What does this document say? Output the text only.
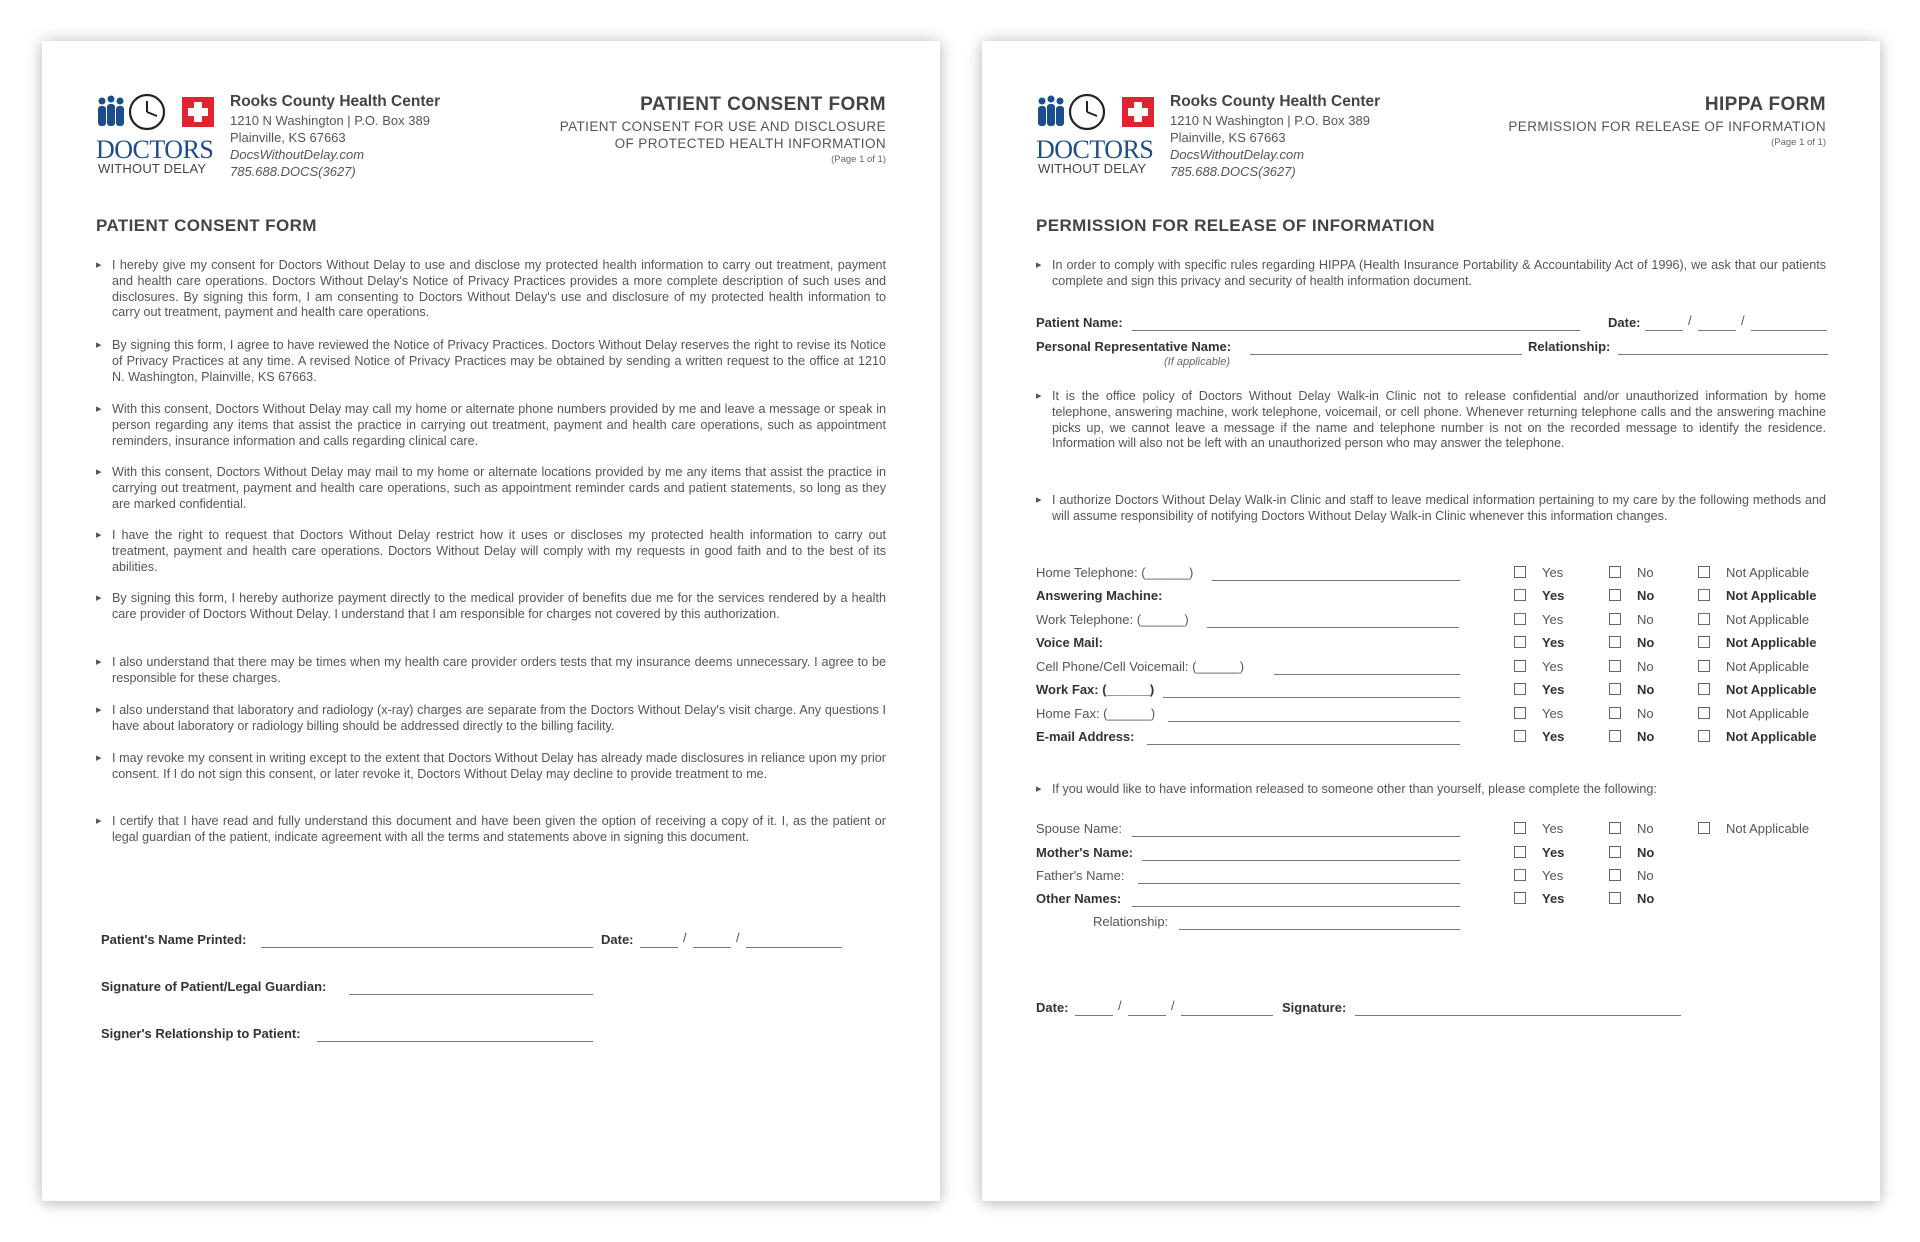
DOCTORS
WITHOUT DELAY
Rooks County Health Center
1210 N Washington | P.O. Box 389
Plainville, KS 67663
DocsWithoutDelay.com
785.688.DOCS(3627)
PATIENT CONSENT FORM
PATIENT CONSENT FOR USE AND DISCLOSURE
OF PROTECTED HEALTH INFORMATION
(Page 1 of 1)
PATIENT CONSENT FORM
▸ I hereby give my consent for Doctors Without Delay to use and disclose my protected health information to carry out treatment, payment and health care operations. Doctors Without Delay's Notice of Privacy Practices provides a more complete description of such uses and disclosures. By signing this form, I am consenting to Doctors Without Delay's use and disclosure of my protected health information to carry out treatment, payment and health care operations.
▸ By signing this form, I agree to have reviewed the Notice of Privacy Practices. Doctors Without Delay reserves the right to revise its Notice of Privacy Practices at any time. A revised Notice of Privacy Practices may be obtained by sending a written request to the office at 1210 N. Washington, Plainville, KS 67663.
▸ With this consent, Doctors Without Delay may call my home or alternate phone numbers provided by me and leave a message or speak in person regarding any items that assist the practice in carrying out treatment, payment and health care operations, such as appointment reminders, insurance information and calls regarding clinical care.
▸ With this consent, Doctors Without Delay may mail to my home or alternate locations provided by me any items that assist the practice in carrying out treatment, payment and health care operations, such as appointment reminder cards and patient statements, so long as they are marked confidential.
▸ I have the right to request that Doctors Without Delay restrict how it uses or discloses my protected health information to carry out treatment, payment and health care operations. Doctors Without Delay will comply with my requests in good faith and to the best of its abilities.
▸ By signing this form, I hereby authorize payment directly to the medical provider of benefits due me for the services rendered by a health care provider of Doctors Without Delay. I understand that I am responsible for charges not covered by this authorization.
▸ I also understand that there may be times when my health care provider orders tests that my insurance deems unnecessary. I agree to be responsible for these charges.
▸ I also understand that laboratory and radiology (x-ray) charges are separate from the Doctors Without Delay's visit charge. Any questions I have about laboratory or radiology billing should be addressed directly to the billing facility.
▸ I may revoke my consent in writing except to the extent that Doctors Without Delay has already made disclosures in reliance upon my prior consent. If I do not sign this consent, or later revoke it, Doctors Without Delay may decline to provide treatment to me.
▸ I certify that I have read and fully understand this document and have been given the option of receiving a copy of it. I, as the patient or legal guardian of the patient, indicate agreement with all the terms and statements above in signing this document.
Patient's Name Printed:	Date:	/	/
Signature of Patient/Legal Guardian:
Signer's Relationship to Patient:
DOCTORS
WITHOUT DELAY
Rooks County Health Center
1210 N Washington | P.O. Box 389
Plainville, KS 67663
DocsWithoutDelay.com
785.688.DOCS(3627)
HIPPA FORM
PERMISSION FOR RELEASE OF INFORMATION
(Page 1 of 1)
PERMISSION FOR RELEASE OF INFORMATION
▸ In order to comply with specific rules regarding HIPPA (Health Insurance Portability & Accountability Act of 1996), we ask that our patients complete and sign this privacy and security of health information document.
Patient Name:	Date:	/	/
Personal Representative Name:
(If applicable)
Relationship:
▸ It is the office policy of Doctors Without Delay Walk-in Clinic not to release confidential and/or unauthorized information by home telephone, answering machine, work telephone, voicemail, or cell phone. Whenever returning telephone calls and the answering machine picks up, we cannot leave a message if the name and telephone number is not on the recorded message to identify the residence. Information will also not be left with an unauthorized person who may answer the telephone.
▸ I authorize Doctors Without Delay Walk-in Clinic and staff to leave medical information pertaining to my care by the following methods and will assume responsibility of notifying Doctors Without Delay Walk-in Clinic whenever this information changes.
Home Telephone: (______)	Yes	No	Not Applicable
Answering Machine:	Yes	No	Not Applicable
Work Telephone: (______)	Yes	No	Not Applicable
Voice Mail:	Yes	No	Not Applicable
Cell Phone/Cell Voicemail: (______)	Yes	No	Not Applicable
Work Fax: (______)	Yes	No	Not Applicable
Home Fax: (______)	Yes	No	Not Applicable
E-mail Address:	Yes	No	Not Applicable
▸ If you would like to have information released to someone other than yourself, please complete the following:
Spouse Name:	Yes	No	Not Applicable
Mother's Name:	Yes	No
Father's Name:	Yes	No
Other Names:	Yes	No
Relationship:
Date:	/	/	Signature:
